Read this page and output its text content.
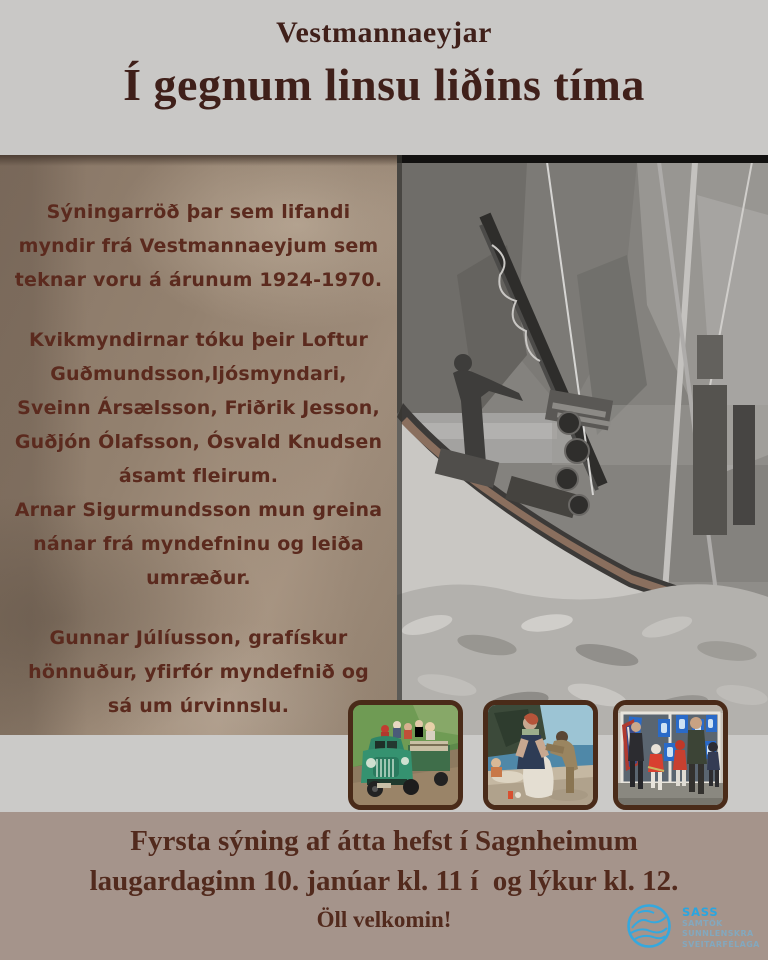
Vestmannaeyjar
Í gegnum linsu liðins tíma

Sýningarröð þar sem lifandi myndir frá Vestmannaeyjum sem teknar voru á árunum 1924-1970.

Kvikmyndirnar tóku þeir Loftur Guðmundsson,ljósmyndari, Sveinn Ársælsson, Friðrik Jesson, Guðjón Ólafsson, Ósvald Knudsen ásamt fleirum.

Arnar Sigurmundsson mun greina nánar frá myndefninu og leiða umræður.

Gunnar Júlíusson, grafískur hönnuður, yfirfór myndefnið og sá um úrvinnslu.

Fyrsta sýning af átta hefst í Sagnheimum
laugardaginn 10. janúar kl. 11 í  og lýkur kl. 12.
Öll velkomin!	SASS
SAMTÖK
SUNNLENSKRA
SVEITARFÉLAGA
